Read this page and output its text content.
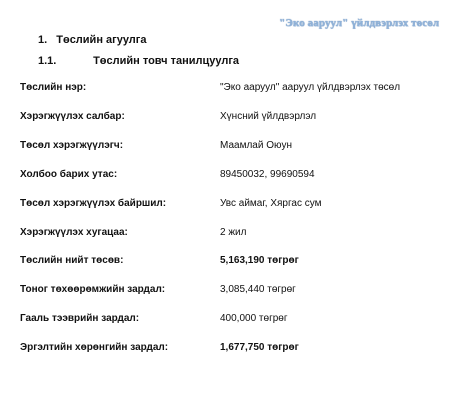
"Эко ааруул" үйлдвэрлэх төсөл
1. Төслийн агуулга
1.1.	Төслийн товч танилцуулга
Төслийн нэр:	"Эко ааруул" ааруул үйлдвэрлэх төсөл
Хэрэгжүүлэх салбар:	Хүнсний үйлдвэрлэл
Төсөл хэрэгжүүлэгч:	Маамлай Оюун
Холбоо барих утас:	89450032, 99690594
Төсөл хэрэгжүүлэх байршил:	Увс аймаг, Хяргас сум
Хэрэгжүүлэх хугацаа:	2 жил
Төслийн нийт төсөв:	5,163,190 төгрөг
Тоног төхөөрөмжийн зардал:	3,085,440 төгрөг
Гааль тээврийн зардал:	400,000 төгрөг
Эргэлтийн хөрөнгийн зардал:	1,677,750 төгрөг
